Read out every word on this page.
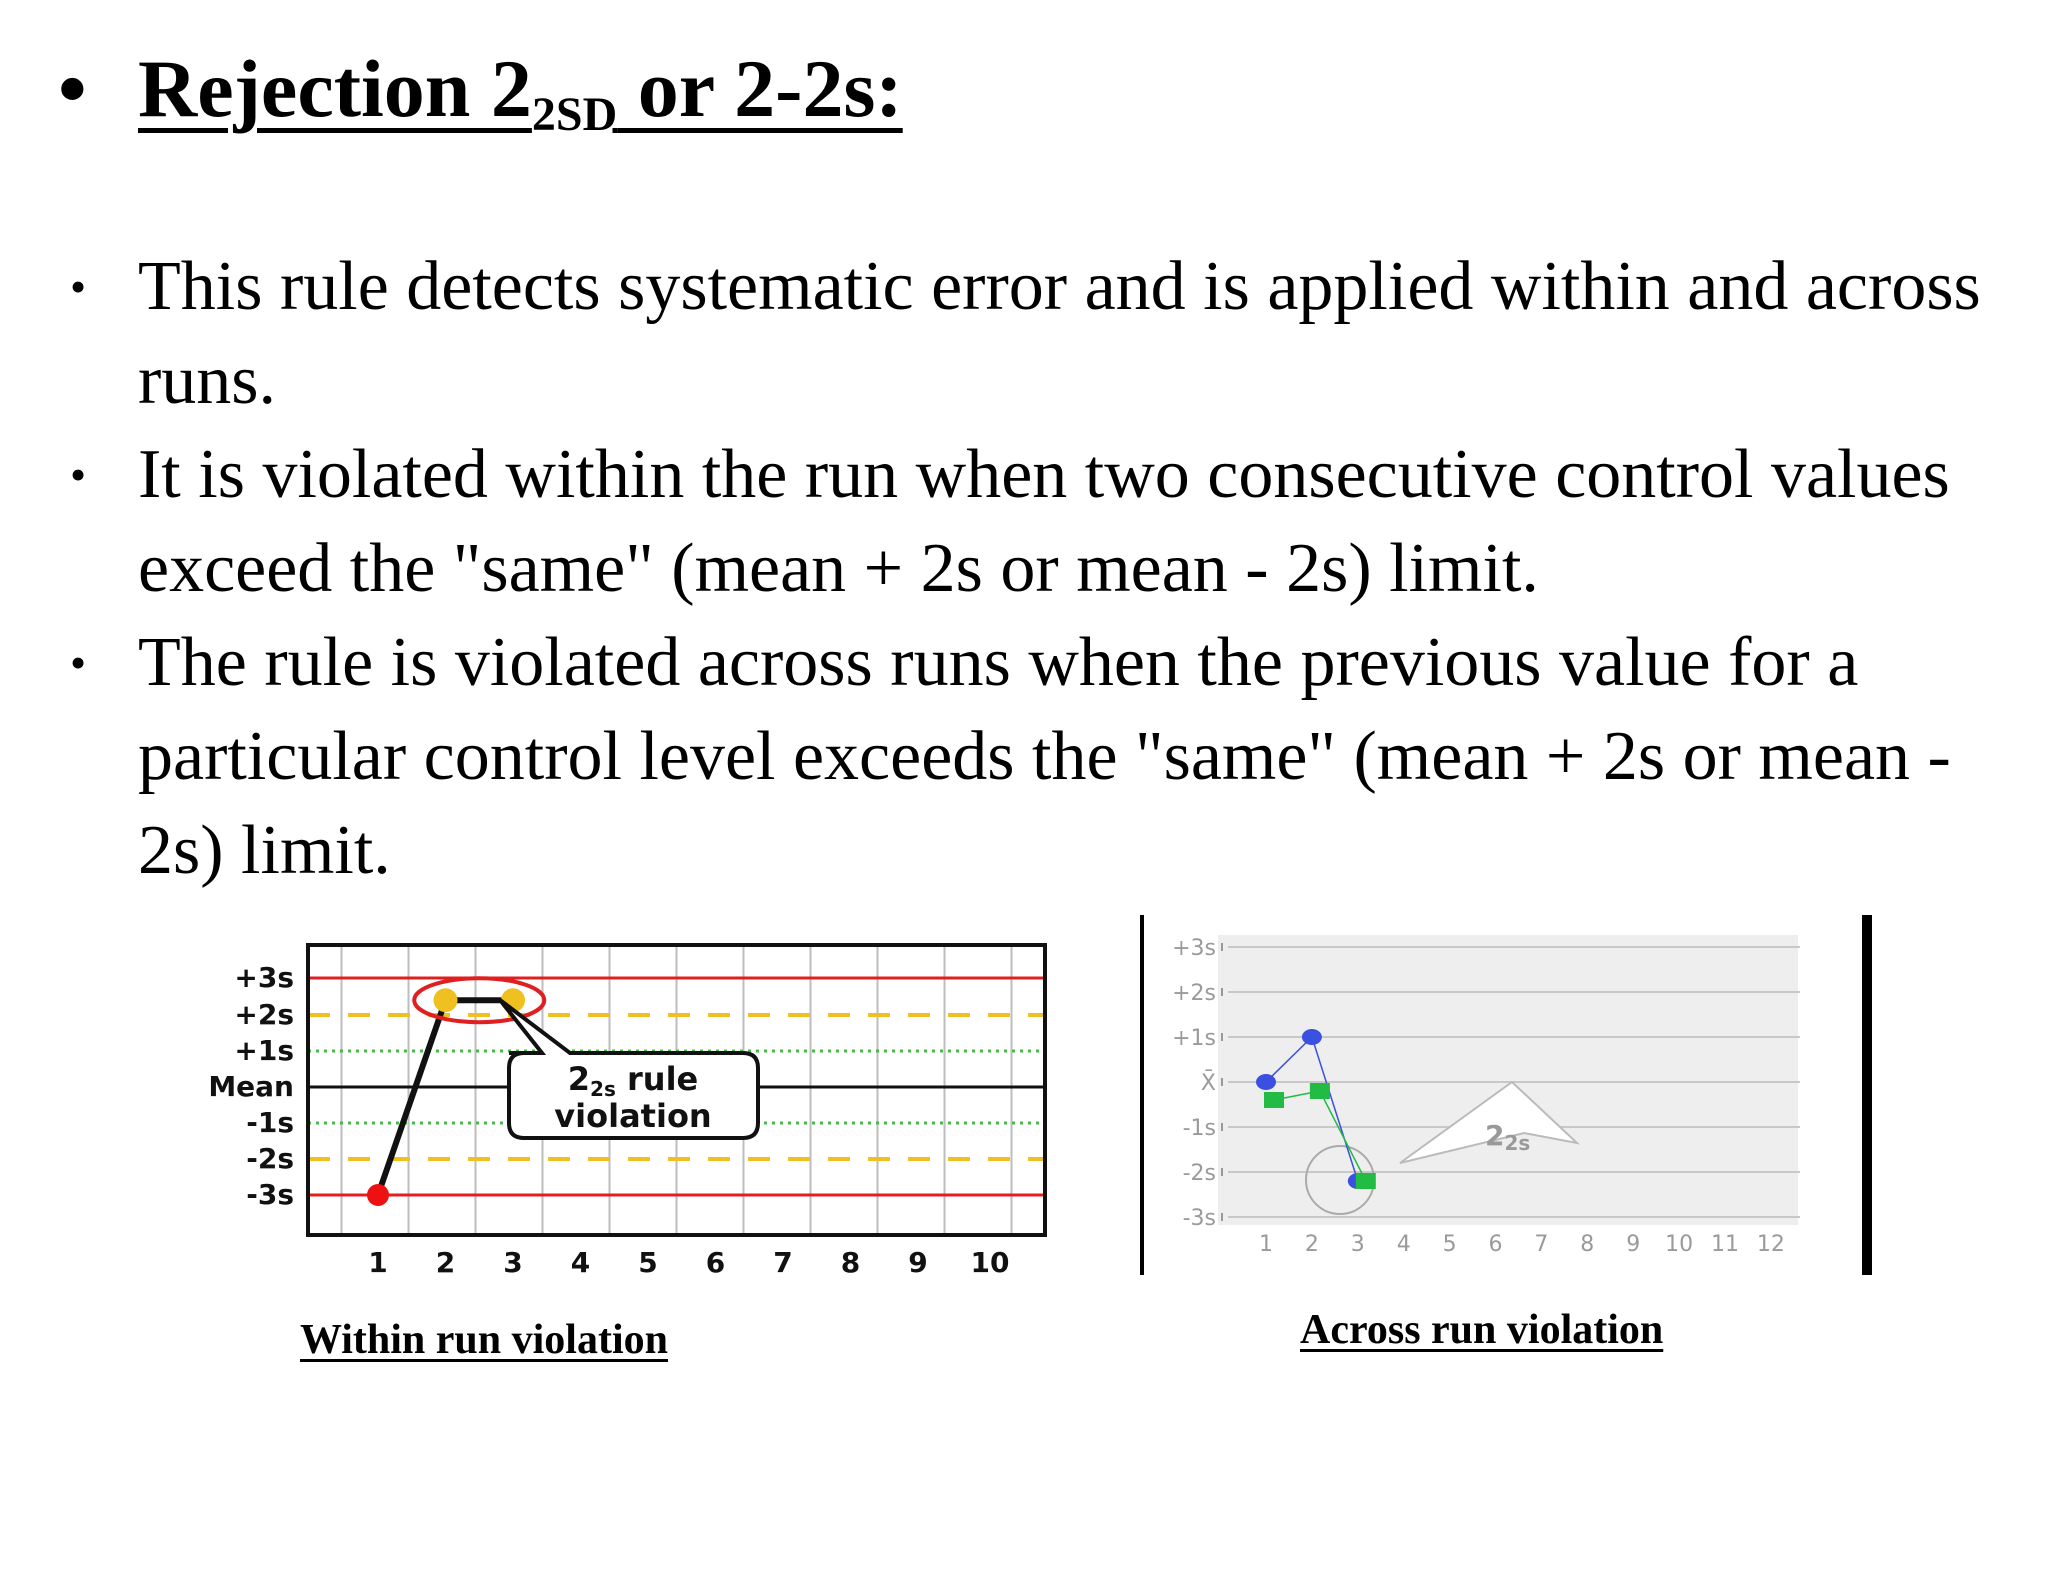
• Rejection $2_{2SD}$ or 2-2s:
• This rule detects systematic error and is applied within and across runs.
• It is violated within the run when two consecutive control values exceed the "same" (mean + 2s or mean - 2s) limit.
• The rule is violated across runs when the previous value for a particular control level exceeds the "same" (mean + 2s or mean - 2s) limit.
+3s
+2s
+1s
Mean
-1s
-2s
-3s
1 2 3 4 5 6 7 8 9 10
22s rule
violation
+3s
+2s
+1s
X̄
-1s
-2s
-3s
1 2 3 4 5 6 7 8 9 10 11 12
22s
Within run violation	Across run violation
